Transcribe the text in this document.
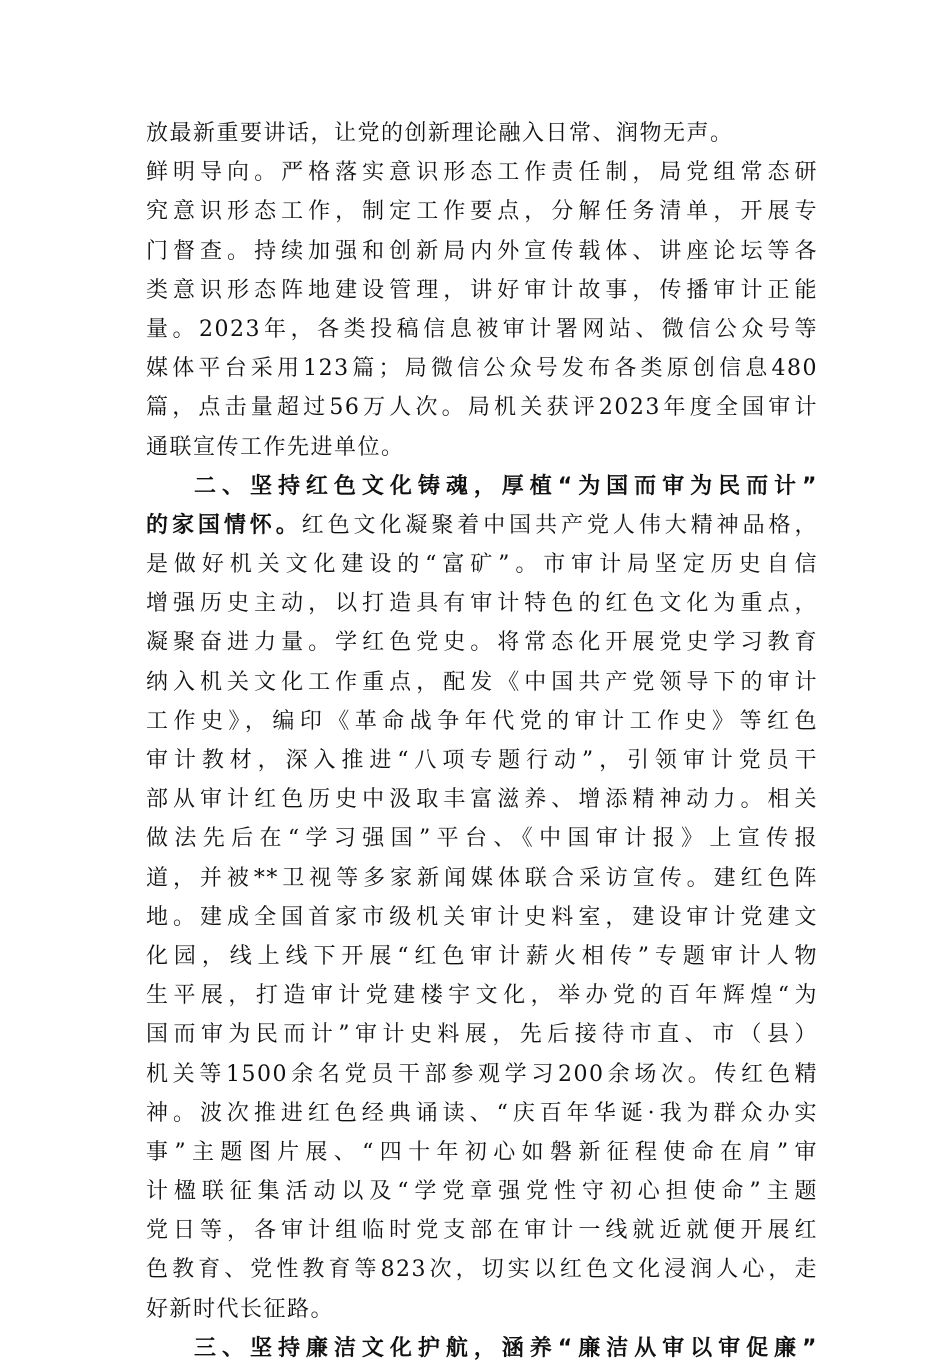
放最新重要讲话，让党的创新理论融入日常、润物无声。
鲜明导向。严格落实意识形态工作责任制，局党组常态研
究意识形态工作，制定工作要点，分解任务清单，开展专
门督查。持续加强和创新局内外宣传载体、讲座论坛等各
类意识形态阵地建设管理，讲好审计故事，传播审计正能
量。2023年，各类投稿信息被审计署网站、微信公众号等
媒体平台采用123篇；局微信公众号发布各类原创信息480
篇，点击量超过56万人次。局机关获评2023年度全国审计
通联宣传工作先进单位。
二、坚持红色文化铸魂，厚植“为国而审为民而计”
的家国情怀。红色文化凝聚着中国共产党人伟大精神品格，
是做好机关文化建设的“富矿”。市审计局坚定历史自信
增强历史主动，以打造具有审计特色的红色文化为重点，
凝聚奋进力量。学红色党史。将常态化开展党史学习教育
纳入机关文化工作重点，配发《中国共产党领导下的审计
工作史》，编印《革命战争年代党的审计工作史》等红色
审计教材，深入推进“八项专题行动”，引领审计党员干
部从审计红色历史中汲取丰富滋养、增添精神动力。相关
做法先后在“学习强国”平台、《中国审计报》上宣传报
道，并被**卫视等多家新闻媒体联合采访宣传。建红色阵
地。建成全国首家市级机关审计史料室，建设审计党建文
化园，线上线下开展“红色审计薪火相传”专题审计人物
生平展，打造审计党建楼宇文化，举办党的百年辉煌“为
国而审为民而计”审计史料展，先后接待市直、市（县）
机关等1500余名党员干部参观学习200余场次。传红色精
神。波次推进红色经典诵读、“庆百年华诞·我为群众办实
事”主题图片展、“四十年初心如磐新征程使命在肩”审
计楹联征集活动以及“学党章强党性守初心担使命”主题
党日等，各审计组临时党支部在审计一线就近就便开展红
色教育、党性教育等823次，切实以红色文化浸润人心，走
好新时代长征路。
三、坚持廉洁文化护航，涵养“廉洁从审以审促廉”
